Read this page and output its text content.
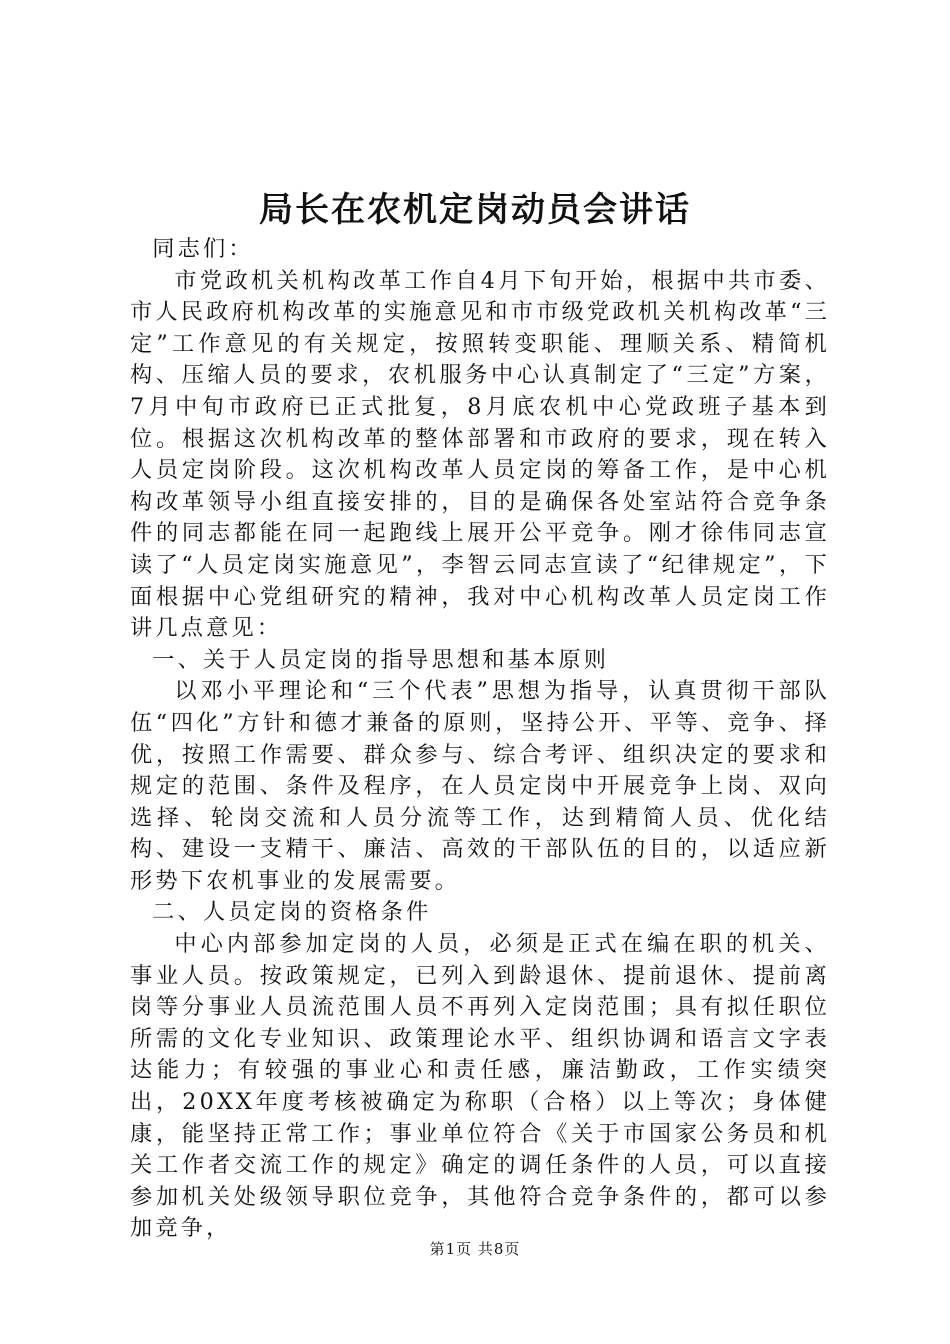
局长在农机定岗动员会讲话

同志们：

市党政机关机构改革工作自4月下旬开始，根据中共市委、市人民政府机构改革的实施意见和市市级党政机关机构改革“三定”工作意见的有关规定，按照转变职能、理顺关系、精简机构、压缩人员的要求，农机服务中心认真制定了“三定”方案，7月中旬市政府已正式批复，8月底农机中心党政班子基本到位。根据这次机构改革的整体部署和市政府的要求，现在转入人员定岗阶段。这次机构改革人员定岗的筹备工作，是中心机构改革领导小组直接安排的，目的是确保各处室站符合竞争条件的同志都能在同一起跑线上展开公平竞争。刚才徐伟同志宣读了“人员定岗实施意见”，李智云同志宣读了“纪律规定”，下面根据中心党组研究的精神，我对中心机构改革人员定岗工作讲几点意见：

一、关于人员定岗的指导思想和基本原则

以邓小平理论和“三个代表”思想为指导，认真贯彻干部队伍“四化”方针和德才兼备的原则，坚持公开、平等、竞争、择优，按照工作需要、群众参与、综合考评、组织决定的要求和规定的范围、条件及程序，在人员定岗中开展竞争上岗、双向选择、轮岗交流和人员分流等工作，达到精简人员、优化结构、建设一支精干、廉洁、高效的干部队伍的目的，以适应新形势下农机事业的发展需要。

二、人员定岗的资格条件

中心内部参加定岗的人员，必须是正式在编在职的机关、事业人员。按政策规定，已列入到龄退休、提前退休、提前离岗等分事业人员流范围人员不再列入定岗范围；具有拟任职位所需的文化专业知识、政策理论水平、组织协调和语言文字表达能力；有较强的事业心和责任感，廉洁勤政，工作实绩突出，20XX年度考核被确定为称职（合格）以上等次；身体健康，能坚持正常工作；事业单位符合《关于市国家公务员和机关工作者交流工作的规定》确定的调任条件的人员，可以直接参加机关处级领导职位竞争，其他符合竞争条件的，都可以参加竞争，

第1页 共8页
